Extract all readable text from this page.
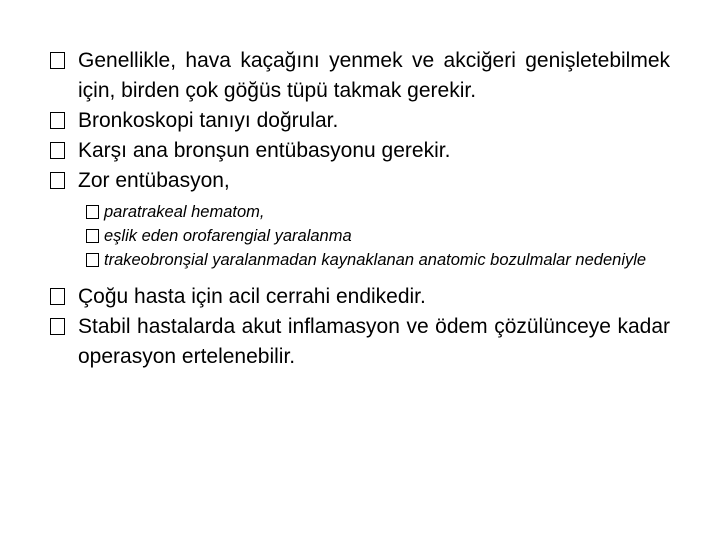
Genellikle, hava kaçağını yenmek ve akciğeri genişletebilmek için, birden çok göğüs tüpü takmak gerekir.
Bronkoskopi tanıyı doğrular.
Karşı ana bronşun entübasyonu gerekir.
Zor entübasyon,
paratrakeal hematom,
eşlik eden orofarengial yaralanma
trakeobronşial yaralanmadan kaynaklanan anatomic bozulmalar nedeniyle
Çoğu hasta için acil cerrahi endikedir.
Stabil hastalarda akut inflamasyon ve ödem çözülünceye kadar operasyon ertelenebilir.
